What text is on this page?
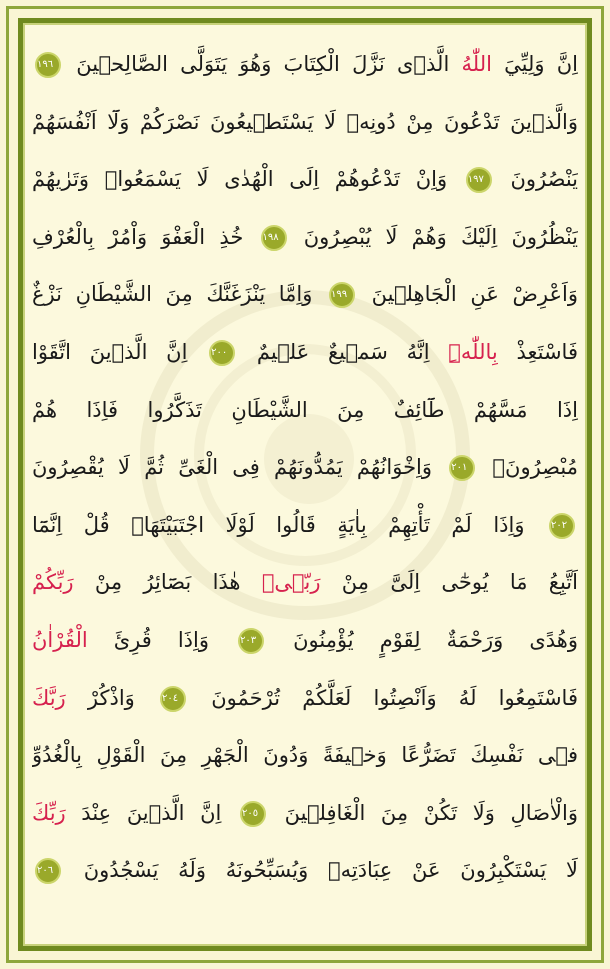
اِنَّ وَلِيِّيَ اللّٰهُ الَّذٖى نَزَّلَ الْكِتَابَ وَهُوَ يَتَوَلَّى الصَّالِحٖينَ ١٩٦
وَالَّذٖينَ تَدْعُونَ مِنْ دُونِهٖ لَا يَسْتَطٖيعُونَ نَصْرَكُمْ وَلَٓا اَنْفُسَهُمْ
يَنْصُرُونَ ١٩٧ وَاِنْ تَدْعُوهُمْ اِلَى الْهُدٰى لَا يَسْمَعُواۜ وَتَرٰيهُمْ
يَنْظُرُونَ اِلَيْكَ وَهُمْ لَا يُبْصِرُونَ ١٩٨ خُذِ الْعَفْوَ وَاْمُرْ بِالْعُرْفِ
وَاَعْرِضْ عَنِ الْجَاهِلٖينَ ١٩٩ وَاِمَّا يَنْزَغَنَّكَ مِنَ الشَّيْطَانِ نَزْغٌ
فَاسْتَعِذْ بِاللّٰهِۜ اِنَّهُ سَمٖيعٌ عَلٖيمٌ ٢٠٠ اِنَّ الَّذٖينَ اتَّقَوْا
اِذَا مَسَّهُمْ طَٓائِفٌ مِنَ الشَّيْطَانِ تَذَكَّرُوا فَاِذَا هُمْ
مُبْصِرُونَۚ ٢٠١ وَاِخْوَانُهُمْ يَمُدُّونَهُمْ فِى الْغَىِّ ثُمَّ لَا يُقْصِرُونَ
٢٠٢ وَاِذَا لَمْ تَأْتِهِمْ بِاٰيَةٍ قَالُوا لَوْلَا اجْتَبَيْتَهَاۜ قُلْ اِنَّمَٓا
اَتَّبِعُ مَا يُوحٰٓى اِلَىَّ مِنْ رَبّٖىۚ هٰذَا بَصَٓائِرُ مِنْ رَبِّكُمْ
وَهُدًى وَرَحْمَةٌ لِقَوْمٍ يُؤْمِنُونَ ٢٠٣ وَاِذَا قُرِئَ الْقُرْاٰنُ
فَاسْتَمِعُوا لَهُ وَاَنْصِتُوا لَعَلَّكُمْ تُرْحَمُونَ ٢٠٤ وَاذْكُرْ رَبَّكَ
فٖى نَفْسِكَ تَضَرُّعًا وَخٖيفَةً وَدُونَ الْجَهْرِ مِنَ الْقَوْلِ بِالْغُدُوِّ
وَالْاٰصَالِ وَلَا تَكُنْ مِنَ الْغَافِلٖينَ ٢٠٥ اِنَّ الَّذٖينَ عِنْدَ رَبِّكَ
لَا يَسْتَكْبِرُونَ عَنْ عِبَادَتِهٖ وَيُسَبِّحُونَهُ وَلَهُ يَسْجُدُونَ ٢٠٦
